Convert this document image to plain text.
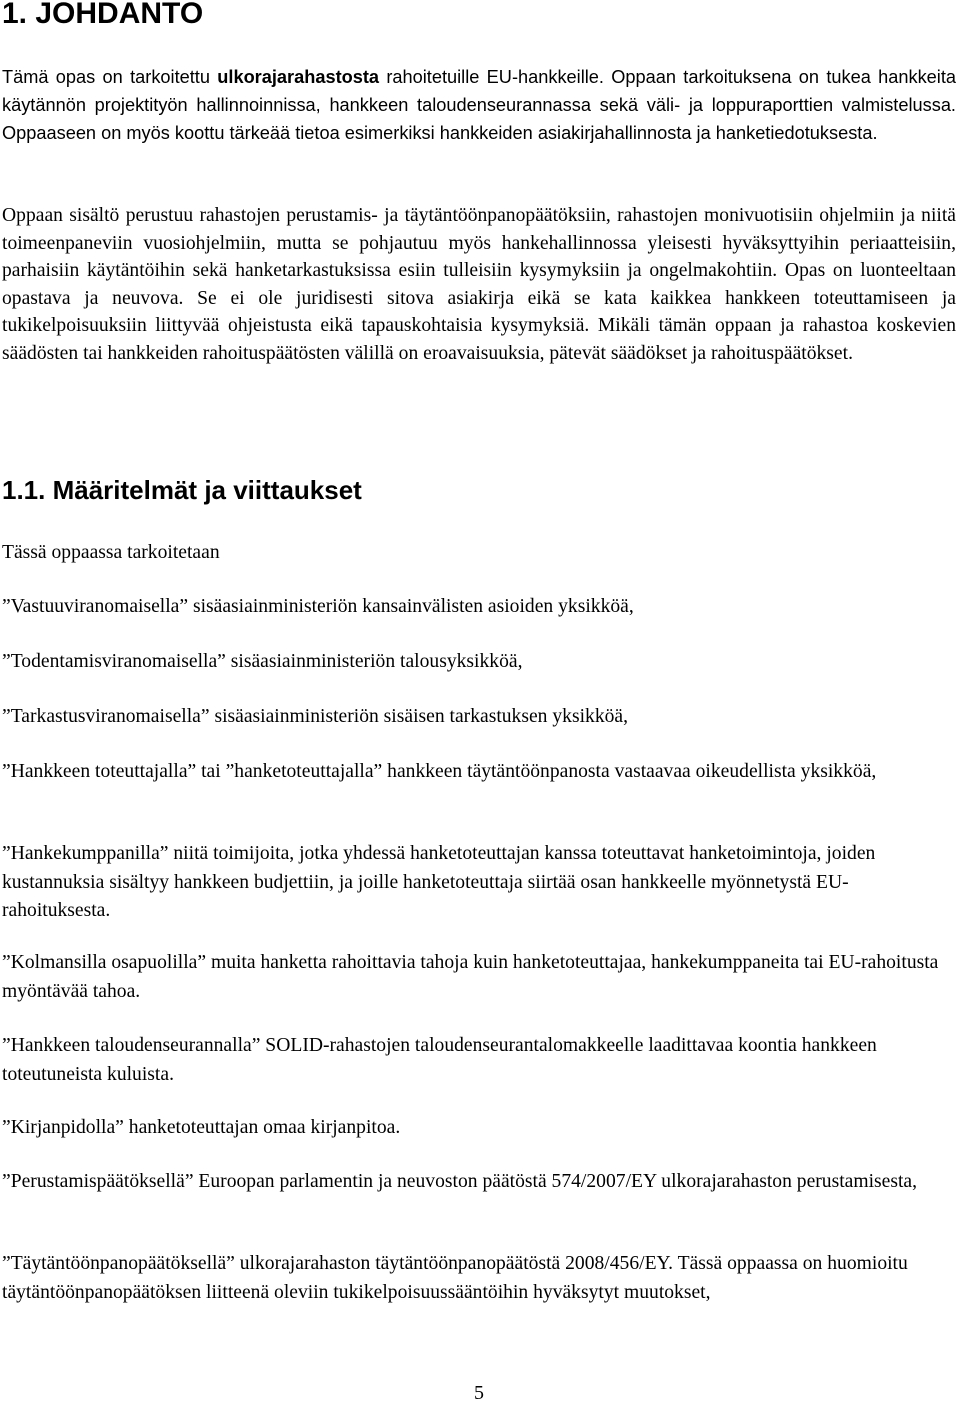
1. JOHDANTO

Tämä opas on tarkoitettu ulkorajarahastosta rahoitetuille EU-hankkeille. Oppaan tarkoituksena on tukea hankkeita käytännön projektityön hallinnoinnissa, hankkeen taloudenseurannassa sekä väli- ja loppuraporttien valmistelussa. Oppaaseen on myös koottu tärkeää tietoa esimerkiksi hankkeiden asiakirjahallinnosta ja hanketiedotuksesta.

Oppaan sisältö perustuu rahastojen perustamis- ja täytäntöönpanopäätöksiin, rahastojen monivuotisiin ohjelmiin ja niitä toimeenpaneviin vuosiohjelmiin, mutta se pohjautuu myös hankehallinnossa yleisesti hyväksyttyihin periaatteisiin, parhaisiin käytäntöihin sekä hanketarkastuksissa esiin tulleisiin kysymyksiin ja ongelmakohtiin. Opas on luonteeltaan opastava ja neuvova. Se ei ole juridisesti sitova asiakirja eikä se kata kaikkea hankkeen toteuttamiseen ja tukikelpoisuuksiin liittyvää ohjeistusta eikä tapauskohtaisia kysymyksiä. Mikäli tämän oppaan ja rahastoa koskevien säädösten tai hankkeiden rahoituspäätösten välillä on eroavaisuuksia, pätevät säädökset ja rahoituspäätökset.

1.1. Määritelmät ja viittaukset

Tässä oppaassa tarkoitetaan

”Vastuuviranomaisella” sisäasiainministeriön kansainvälisten asioiden yksikköä,

”Todentamisviranomaisella” sisäasiainministeriön talousyksikköä,

”Tarkastusviranomaisella” sisäasiainministeriön sisäisen tarkastuksen yksikköä,

”Hankkeen toteuttajalla” tai ”hanketoteuttajalla” hankkeen täytäntöönpanosta vastaavaa oikeudellista yksikköä,

”Hankekumppanilla” niitä toimijoita, jotka yhdessä hanketoteuttajan kanssa toteuttavat hanketoimintoja, joiden kustannuksia sisältyy hankkeen budjettiin, ja joille hanketoteuttaja siirtää osan hankkeelle myönnetystä EU-rahoituksesta.

”Kolmansilla osapuolilla” muita hanketta rahoittavia tahoja kuin hanketoteuttajaa, hankekumppaneita tai EU-rahoitusta myöntävää tahoa.

”Hankkeen taloudenseurannalla” SOLID-rahastojen taloudenseurantalomakkeelle laadittavaa koontia hankkeen toteutuneista kuluista.

”Kirjanpidolla” hanketoteuttajan omaa kirjanpitoa.

”Perustamispäätöksellä” Euroopan parlamentin ja neuvoston päätöstä 574/2007/EY ulkorajarahaston perustamisesta,

”Täytäntöönpanopäätöksellä” ulkorajarahaston täytäntöönpanopäätöstä 2008/456/EY. Tässä oppaassa on huomioitu täytäntöönpanopäätöksen liitteenä oleviin tukikelpoisuussääntöihin hyväksytyt muutokset,

5
